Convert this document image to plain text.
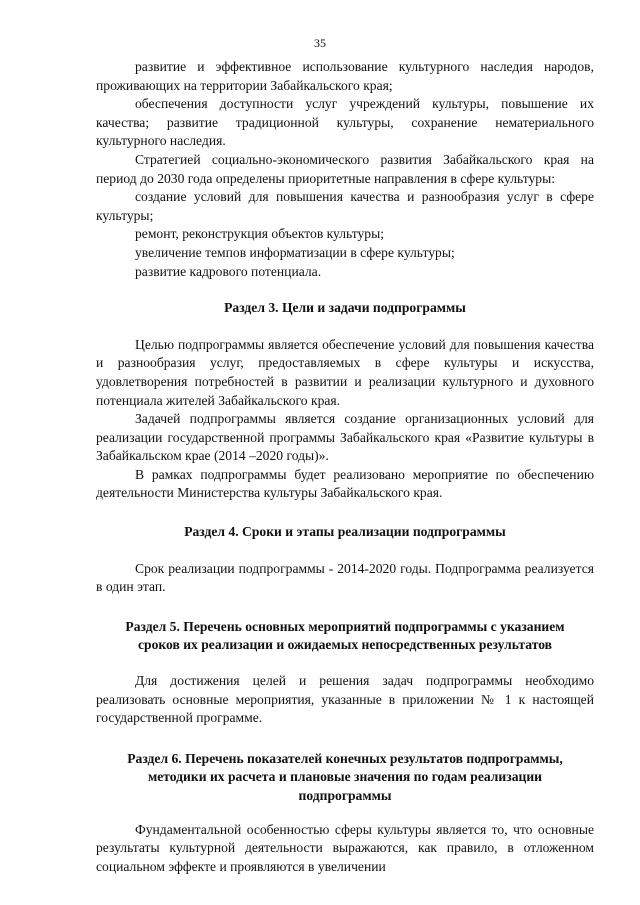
35

развитие и эффективное использование культурного наследия народов, проживающих на территории Забайкальского края;

обеспечения доступности услуг учреждений культуры, повышение их качества; развитие традиционной культуры, сохранение нематериального культурного наследия.

Стратегией социально-экономического развития Забайкальского края на период до 2030 года определены приоритетные направления в сфере культуры:

создание условий для повышения качества и разнообразия услуг в сфере культуры;

ремонт, реконструкция объектов культуры;

увеличение темпов информатизации в сфере культуры;

развитие кадрового потенциала.

Раздел 3. Цели и задачи подпрограммы

Целью подпрограммы является обеспечение условий для повышения качества и разнообразия услуг, предоставляемых в сфере культуры и искусства, удовлетворения потребностей в развитии и реализации культурного и духовного потенциала жителей Забайкальского края.

Задачей подпрограммы является создание организационных условий для реализации государственной программы Забайкальского края «Развитие культуры в Забайкальском крае (2014 –2020 годы)».

В рамках подпрограммы будет реализовано мероприятие по обеспечению деятельности Министерства культуры Забайкальского края.

Раздел 4. Сроки и этапы реализации подпрограммы

Срок реализации подпрограммы - 2014-2020 годы. Подпрограмма реализуется в один этап.

Раздел 5. Перечень основных мероприятий подпрограммы с указанием
сроков их реализации и ожидаемых непосредственных результатов

Для достижения целей и решения задач подпрограммы необходимо реализовать основные мероприятия, указанные в приложении № 1 к настоящей государственной программе.

Раздел 6. Перечень показателей конечных результатов подпрограммы,
методики их расчета и плановые значения по годам реализации
подпрограммы

Фундаментальной особенностью сферы культуры является то, что основные результаты культурной деятельности выражаются, как правило, в отложенном социальном эффекте и проявляются в увеличении
